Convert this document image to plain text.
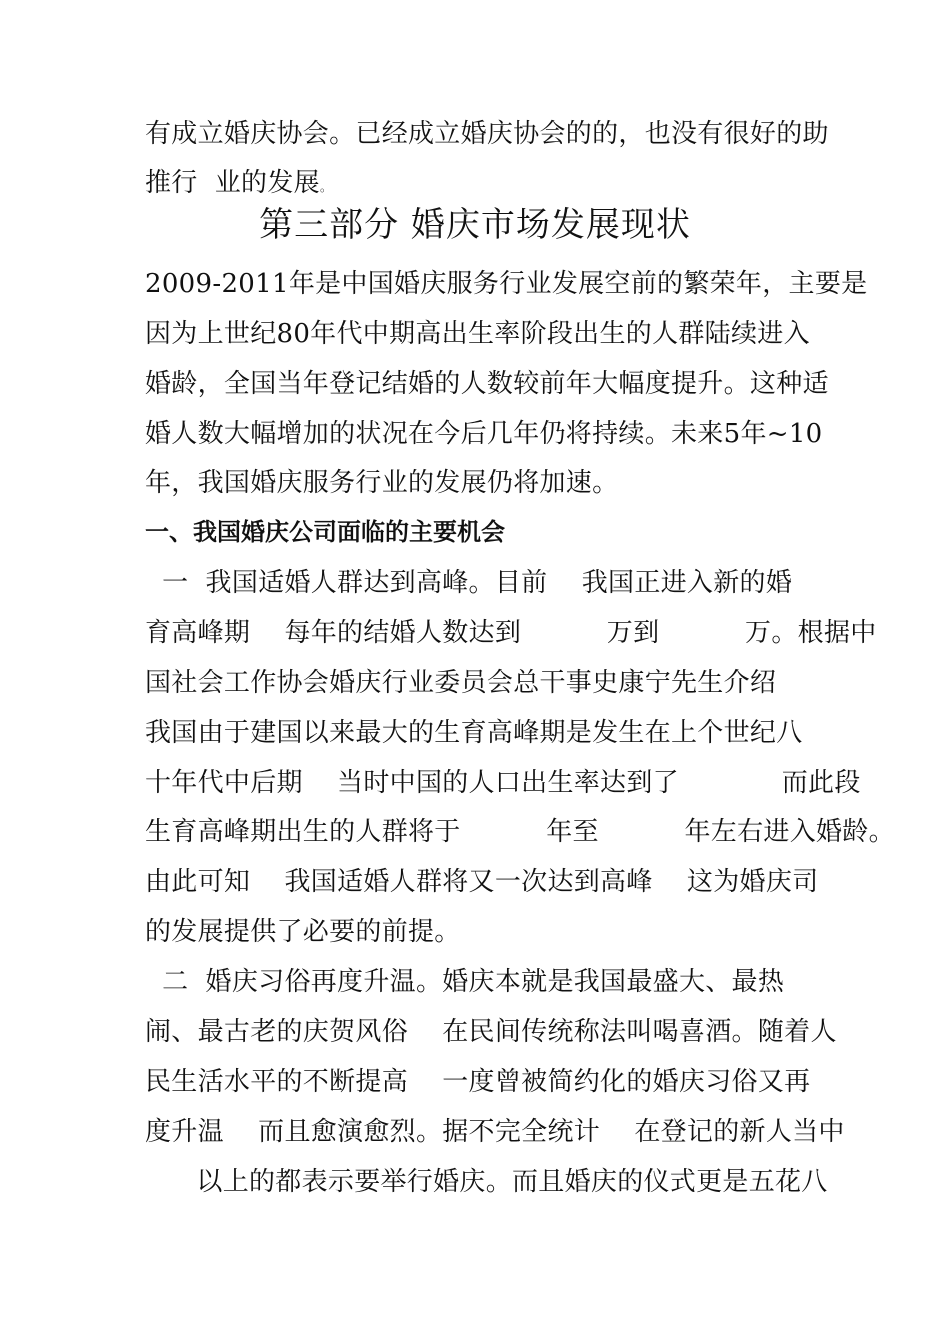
有成立婚庆协会。已经成立婚庆协会的的，也没有很好的助
推行  业的发展。
第三部分 婚庆市场发展现状
2009-2011年是中国婚庆服务行业发展空前的繁荣年，主要是
因为上世纪80年代中期高出生率阶段出生的人群陆续进入
婚龄，全国当年登记结婚的人数较前年大幅度提升。这种适
婚人数大幅增加的状况在今后几年仍将持续。未来5年~10
年，我国婚庆服务行业的发展仍将加速。
一、我国婚庆公司面临的主要机会
一  我国适婚人群达到高峰。目前    我国正进入新的婚
育高峰期    每年的结婚人数达到          万到          万。根据中
国社会工作协会婚庆行业委员会总干事史康宁先生介绍
我国由于建国以来最大的生育高峰期是发生在上个世纪八
十年代中后期    当时中国的人口出生率达到了            而此段
生育高峰期出生的人群将于          年至          年左右进入婚龄。
由此可知    我国适婚人群将又一次达到高峰    这为婚庆司
的发展提供了必要的前提。
二  婚庆习俗再度升温。婚庆本就是我国最盛大、最热
闹、最古老的庆贺风俗    在民间传统称法叫喝喜酒。随着人
民生活水平的不断提高    一度曾被简约化的婚庆习俗又再
度升温    而且愈演愈烈。据不完全统计    在登记的新人当中
以上的都表示要举行婚庆。而且婚庆的仪式更是五花八
